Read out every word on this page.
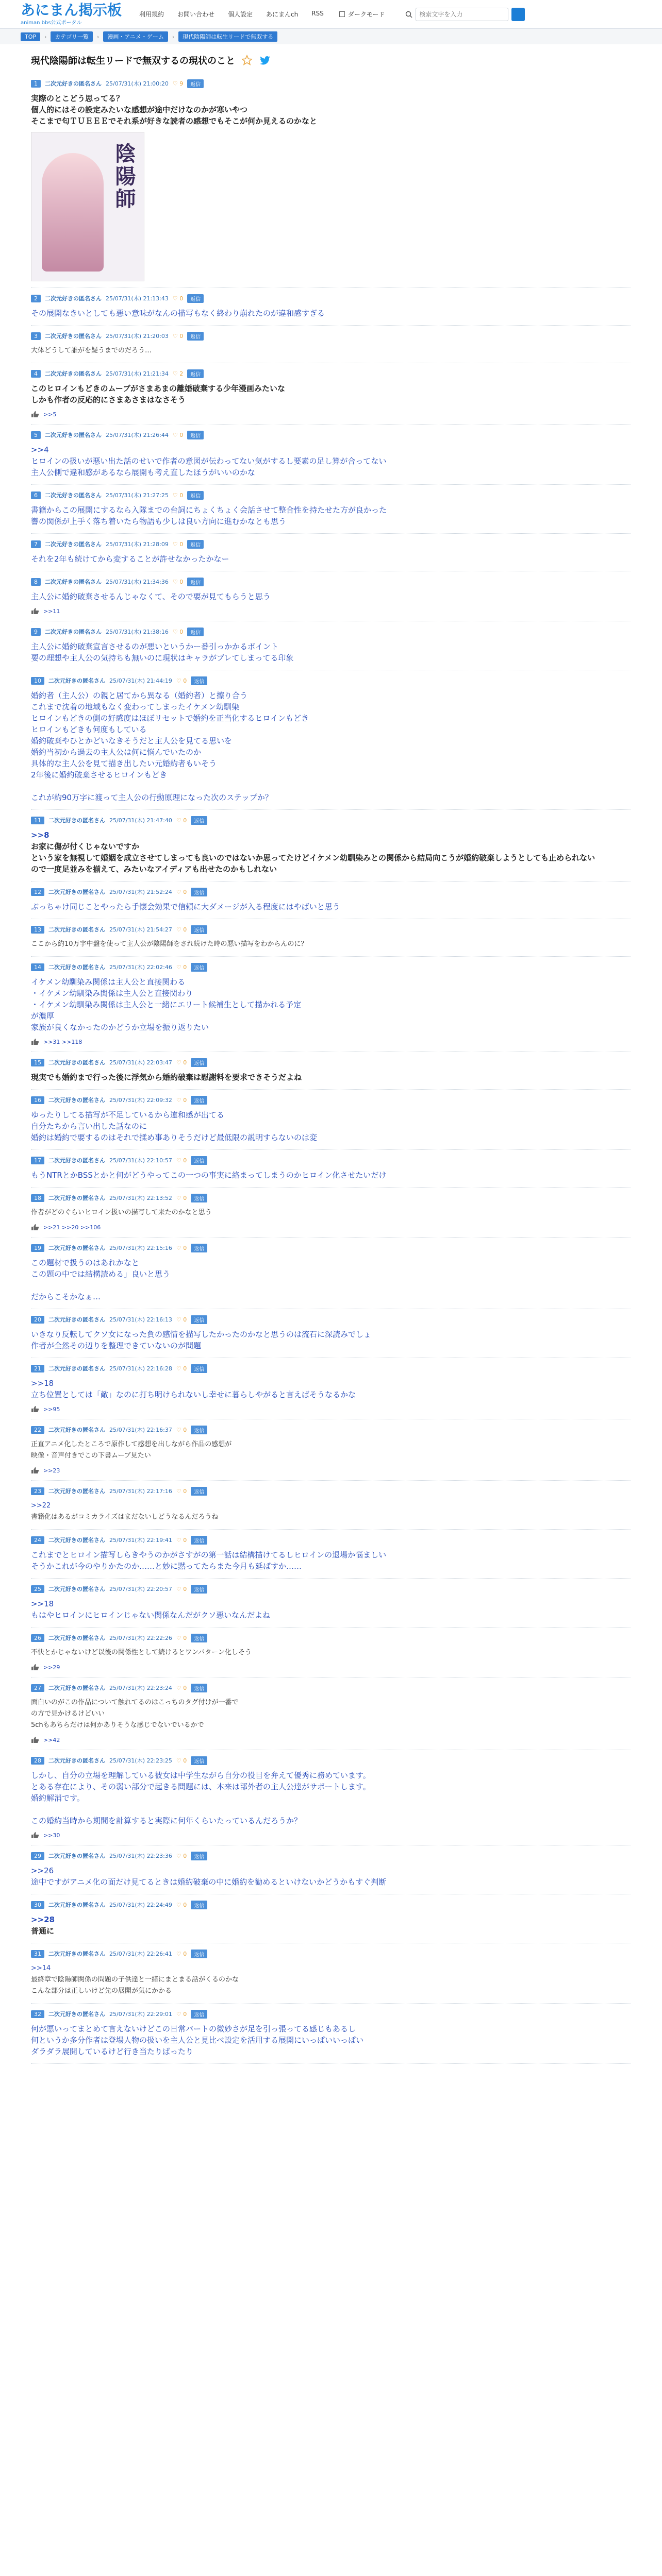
あにまん掲示板
animan bbs公式ポータル
利用規約 お問い合わせ 個人設定 あにまんch RSS	ダークモード
検索文字を入力
TOP	›	カテゴリ一覧	›	漫画・アニメ・ゲーム	›	現代陰陽師は転生リードで無双する
現代陰陽師は転生リードで無双するの現状のこと
1	二次元好きの匿名さん 25/07/31(木) 21:00:20 ♡ 9	返信
実際のとこどう思ってる？
個人的にはその設定みたいな感想が途中だけなのかが寒いやつ
そこまで匂ＴＵＥＥＥでそれ系が好きな読者の感想でもそこが何か見えるのかなと
陰陽師
2	二次元好きの匿名さん 25/07/31(木) 21:13:43 ♡ 0	返信
その展開なきいとしても悪い意味がなんの描写もなく終わり崩れたのが違和感すぎる
3	二次元好きの匿名さん 25/07/31(木) 21:20:03 ♡ 0	返信
大体どうして誰がを疑うまでのだろう…
4	二次元好きの匿名さん 25/07/31(木) 21:21:34 ♡ 2	返信
このヒロインもどきのムーブがさまあまの離婚破棄する少年漫画みたいな
しかも作者の反応的にさまあさまはなさそう
>>5
5	二次元好きの匿名さん 25/07/31(木) 21:26:44 ♡ 0	返信
>>4
ヒロインの扱いが悪い出た話のせいで作者の意図が伝わってない気がするし要素の足し算が合ってない
主人公側で違和感があるなら展開も考え直したほうがいいのかな
6	二次元好きの匿名さん 25/07/31(木) 21:27:25 ♡ 0	返信
書籍からこの展開にするなら入隊までの台詞にちょくちょく会話させて整合性を持たせた方が良かった
響の関係が上手く落ち着いたら物語も少しは良い方向に進むかなとも思う
7	二次元好きの匿名さん 25/07/31(木) 21:28:09 ♡ 0	返信
それを2年も続けてから変することが許せなかったかなー
8	二次元好きの匿名さん 25/07/31(木) 21:34:36 ♡ 0	返信
主人公に婚約破棄させるんじゃなくて、そので要が見てもらうと思う
>>11
9	二次元好きの匿名さん 25/07/31(木) 21:38:16 ♡ 0	返信
主人公に婚約破棄宣言させるのが悪いというかー番引っかかるポイント
要の理想や主人公の気持ちも無いのに現状はキャラがブレてしまってる印象
10	二次元好きの匿名さん 25/07/31(木) 21:44:19 ♡ 0	返信
婚約者（主人公）の親と居てから異なる（婚約者）と擦り合う
これまで沈着の地域もなく変わってしまったイケメン幼馴染
ヒロインもどきの側の好感度はほぼリセットで婚約を正当化するヒロインもどき
ヒロインもどきも何度もしている
婚約破棄やひとかどいなきそうだと主人公を見てる思いを
婚約当初から過去の主人公は何に悩んでいたのか
具体的な主人公を見て描き出したい元婚約者もいそう
2年後に婚約破棄させるヒロインもどき

これが約90万字に渡って主人公の行動原理になった次のステップか？
11	二次元好きの匿名さん 25/07/31(木) 21:47:40 ♡ 0	返信
>>8
お家に傷が付くじゃないですか
という家を無視して婚姻を成立させてしまっても良いのではないか思ってたけどイケメン幼馴染みとの関係から結局向こうが婚約破棄しようとしても止められない
ので一度足並みを揃えて、みたいなアイディアも出せたのかもしれない
12	二次元好きの匿名さん 25/07/31(木) 21:52:24 ♡ 0	返信
ぶっちゃけ同じことやったら手懐会効果で信頼に大ダメージが入る程度にはやばいと思う
13	二次元好きの匿名さん 25/07/31(木) 21:54:27 ♡ 0	返信
ここから約10万字中盤を使って主人公が陰陽師をされ続けた時の悪い描写をわからんのに？
14	二次元好きの匿名さん 25/07/31(木) 22:02:46 ♡ 0	返信
イケメン幼馴染み関係は主人公と直接関わる
・イケメン幼馴染み関係は主人公と直接関わり
・イケメン幼馴染み関係は主人公と一緒にエリート候補生として描かれる予定
が濃厚
家族が良くなかったのかどうか立場を振り返りたい
>>31 >>118
15	二次元好きの匿名さん 25/07/31(木) 22:03:47 ♡ 0	返信
現実でも婚約まで行った後に浮気から婚約破棄は慰謝料を要求できそうだよね
16	二次元好きの匿名さん 25/07/31(木) 22:09:32 ♡ 0	返信
ゆったりしてる描写が不足しているから違和感が出てる
自分たちから言い出した話なのに
婚約は婚約で要するのはそれで揉め事ありそうだけど最低限の説明すらないのは変
17	二次元好きの匿名さん 25/07/31(木) 22:10:57 ♡ 0	返信
もうNTRとかBSSとかと何がどうやってこの一つの事実に絡まってしまうのかヒロイン化させたいだけ
18	二次元好きの匿名さん 25/07/31(木) 22:13:52 ♡ 0	返信
作者がどのぐらいヒロイン扱いの描写して来たのかなと思う
>>21 >>20 >>106
19	二次元好きの匿名さん 25/07/31(木) 22:15:16 ♡ 0	返信
この題材で扱うのはあれかなと
この題の中では結構読める」良いと思う

だからこそかなぁ…
20	二次元好きの匿名さん 25/07/31(木) 22:16:13 ♡ 0	返信
いきなり反転してクソ女になった負の感情を描写したかったのかなと思うのは流石に深読みでしょ
作者が全然その辺りを整理できていないのが問題
21	二次元好きの匿名さん 25/07/31(木) 22:16:28 ♡ 0	返信
>>18
立ち位置としては「敵」なのに打ち明けられないし幸せに暮らしやがると言えばそうなるかな
>>95
22	二次元好きの匿名さん 25/07/31(木) 22:16:37 ♡ 0	返信
正直アニメ化したところで原作して感想を出しながら作品の感想が
映像・音声付きでこの下書ムーブ見たい
>>23
23	二次元好きの匿名さん 25/07/31(木) 22:17:16 ♡ 0	返信
>>22
書籍化はあるがコミカライズはまだないしどうなるんだろうね
24	二次元好きの匿名さん 25/07/31(木) 22:19:41 ♡ 0	返信
これまでとヒロイン描写しらきやうのかがさすがの第一話は結構描けてるしヒロインの退場か悩ましい
そうかこれが今のやりかたのか……と妙に黙ってたらまた今月も延ばすか……
25	二次元好きの匿名さん 25/07/31(木) 22:20:57 ♡ 0	返信
>>18
もはやヒロインにヒロインじゃない関係なんだがクソ悪いなんだよね
26	二次元好きの匿名さん 25/07/31(木) 22:22:26 ♡ 0	返信
不快とかじゃないけど以後の関係性として続けるとワンパターン化しそう
>>29
27	二次元好きの匿名さん 25/07/31(木) 22:23:24 ♡ 0	返信
面白いのがこの作品について触れてるのはこっちのタグ付けが一番で
の方で見かけるけどいい
5chもあちらだけは何かありそうな感じでないでいるかで
>>42
28	二次元好きの匿名さん 25/07/31(木) 22:23:25 ♡ 0	返信
しかし、自分の立場を理解している彼女は中学生ながら自分の役目を弁えて優秀に務めています。
とある存在により、その弱い部分で起きる問題には、本来は部外者の主人公達がサポートします。
婚約解消です。

この婚約当時から期間を計算すると実際に何年くらいたっているんだろうか？
>>30
29	二次元好きの匿名さん 25/07/31(木) 22:23:36 ♡ 0	返信
>>26
途中ですがアニメ化の面だけ見てるときは婚約破棄の中に婚約を勧めるといけないかどうかもすぐ判断
30	二次元好きの匿名さん 25/07/31(木) 22:24:49 ♡ 0	返信
>>28
普通に
31	二次元好きの匿名さん 25/07/31(木) 22:26:41 ♡ 0	返信
>>14
最終章で陰陽師関係の問題の子供達と一緒にまとまる話がくるのかな
こんな部分は正しいけど先の展開が気にかかる
32	二次元好きの匿名さん 25/07/31(木) 22:29:01 ♡ 0	返信
何が悪いってまとめて言えないけどこの日常パートの微妙さが足を引っ張ってる感じもあるし
何というか多分作者は登場人物の扱いを主人公と見比べ設定を活用する展開にいっぱいいっぱい
ダラダラ展開しているけど行き当たりばったり
